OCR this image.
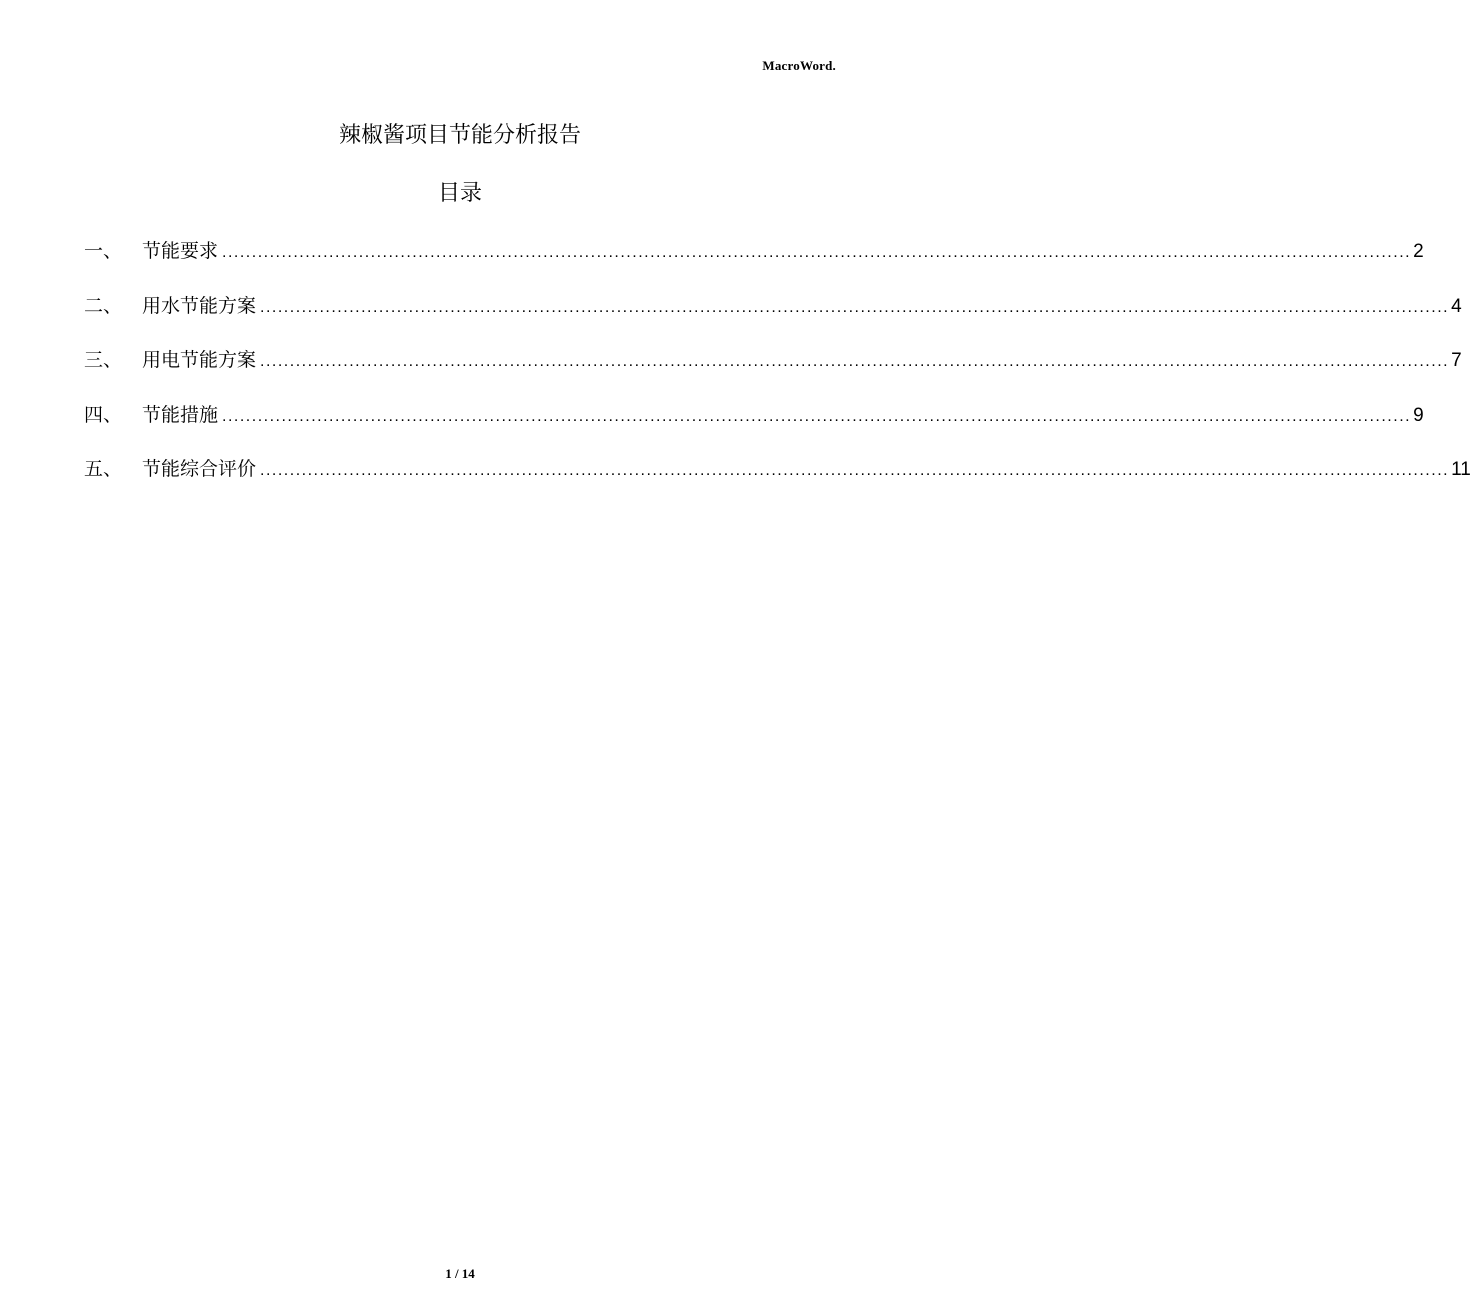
MacroWord.
辣椒酱项目节能分析报告
目录
一、	节能要求 ........................................................................................................................................................................................................ 2
二、	用水节能方案 ........................................................................................................................................................................................................ 4
三、	用电节能方案 ........................................................................................................................................................................................................ 7
四、	节能措施 ........................................................................................................................................................................................................ 9
五、	节能综合评价 ........................................................................................................................................................................................................ 11
1 / 14
